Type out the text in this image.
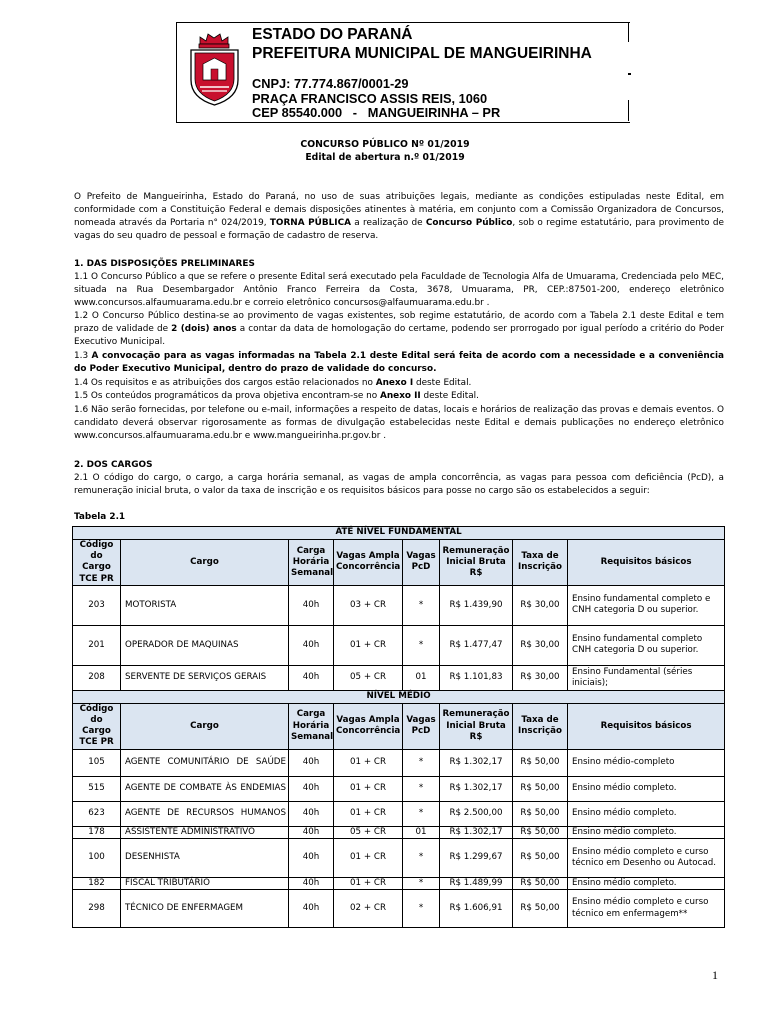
ESTADO DO PARANÁ
PREFEITURA MUNICIPAL DE MANGUEIRINHA
CNPJ: 77.774.867/0001-29
PRAÇA FRANCISCO ASSIS REIS, 1060
CEP 85540.000   -   MANGUEIRINHA – PR
CONCURSO PÚBLICO Nº 01/2019
Edital de abertura n.º 01/2019
O Prefeito de Mangueirinha, Estado do Paraná, no uso de suas atribuições legais, mediante as condições estipuladas neste Edital, em conformidade com a Constituição Federal e demais disposições atinentes à matéria, em conjunto com a Comissão Organizadora de Concursos, nomeada através da Portaria n° 024/2019, TORNA PÚBLICA a realização de Concurso Público, sob o regime estatutário, para provimento de vagas do seu quadro de pessoal e formação de cadastro de reserva.
1. DAS DISPOSIÇÕES PRELIMINARES
1.1 O Concurso Público a que se refere o presente Edital será executado pela Faculdade de Tecnologia Alfa de Umuarama, Credenciada pelo MEC, situada na Rua Desembargador Antônio Franco Ferreira da Costa, 3678, Umuarama, PR, CEP.:87501-200, endereço eletrônico www.concursos.alfaumuarama.edu.br e correio eletrônico concursos@alfaumuarama.edu.br .
1.2 O Concurso Público destina-se ao provimento de vagas existentes, sob regime estatutário, de acordo com a Tabela 2.1 deste Edital e tem prazo de validade de 2 (dois) anos a contar da data de homologação do certame, podendo ser prorrogado por igual período a critério do Poder Executivo Municipal.
1.3 A convocação para as vagas informadas na Tabela 2.1 deste Edital será feita de acordo com a necessidade e a conveniência do Poder Executivo Municipal, dentro do prazo de validade do concurso.
1.4 Os requisitos e as atribuições dos cargos estão relacionados no Anexo I deste Edital.
1.5 Os conteúdos programáticos da prova objetiva encontram-se no Anexo II deste Edital.
1.6 Não serão fornecidas, por telefone ou e-mail, informações a respeito de datas, locais e horários de realização das provas e demais eventos. O candidato deverá observar rigorosamente as formas de divulgação estabelecidas neste Edital e demais publicações no endereço eletrônico www.concursos.alfaumuarama.edu.br e www.mangueirinha.pr.gov.br .
2. DOS CARGOS
2.1 O código do cargo, o cargo, a carga horária semanal, as vagas de ampla concorrência, as vagas para pessoa com deficiência (PcD), a remuneração inicial bruta, o valor da taxa de inscrição e os requisitos básicos para posse no cargo são os estabelecidos a seguir:
Tabela 2.1
ATÉ NÍVEL FUNDAMENTAL							
Código do Cargo TCE PR	Cargo	Carga Horária Semanal	Vagas Ampla Concorrência	Vagas PcD	Remuneração Inicial Bruta R$	Taxa de Inscrição	Requisitos básicos
203	MOTORISTA	40h	03 + CR	*	R$ 1.439,90	R$ 30,00	Ensino fundamental completo e CNH categoria D ou superior.
201	OPERADOR DE MAQUINAS	40h	01 + CR	*	R$ 1.477,47	R$ 30,00	Ensino fundamental completo CNH categoria D ou superior.
208	SERVENTE DE SERVIÇOS GERAIS	40h	05 + CR	01	R$ 1.101,83	R$ 30,00	Ensino Fundamental (séries iniciais);
NÍVEL MÉDIO							
Código do Cargo TCE PR	Cargo	Carga Horária Semanal	Vagas Ampla Concorrência	Vagas PcD	Remuneração Inicial Bruta R$	Taxa de Inscrição	Requisitos básicos
105	AGENTE COMUNITÁRIO DE SAÚDE	40h	01 + CR	*	R$ 1.302,17	R$ 50,00	Ensino médio-completo
515	AGENTE DE COMBATE ÀS ENDEMIAS	40h	01 + CR	*	R$ 1.302,17	R$ 50,00	Ensino médio completo.
623	AGENTE DE RECURSOS HUMANOS	40h	01 + CR	*	R$ 2.500,00	R$ 50,00	Ensino médio completo.
178	ASSISTENTE ADMINISTRATIVO	40h	05 + CR	01	R$ 1.302,17	R$ 50,00	Ensino médio completo.
100	DESENHISTA	40h	01 + CR	*	R$ 1.299,67	R$ 50,00	Ensino médio completo e curso técnico em Desenho ou Autocad.
182	FISCAL TRIBUTÁRIO	40h	01 + CR	*	R$ 1.489,99	R$ 50,00	Ensino médio completo.
298	TÉCNICO DE ENFERMAGEM	40h	02 + CR	*	R$ 1.606,91	R$ 50,00	Ensino médio completo e curso técnico em enfermagem**
1
